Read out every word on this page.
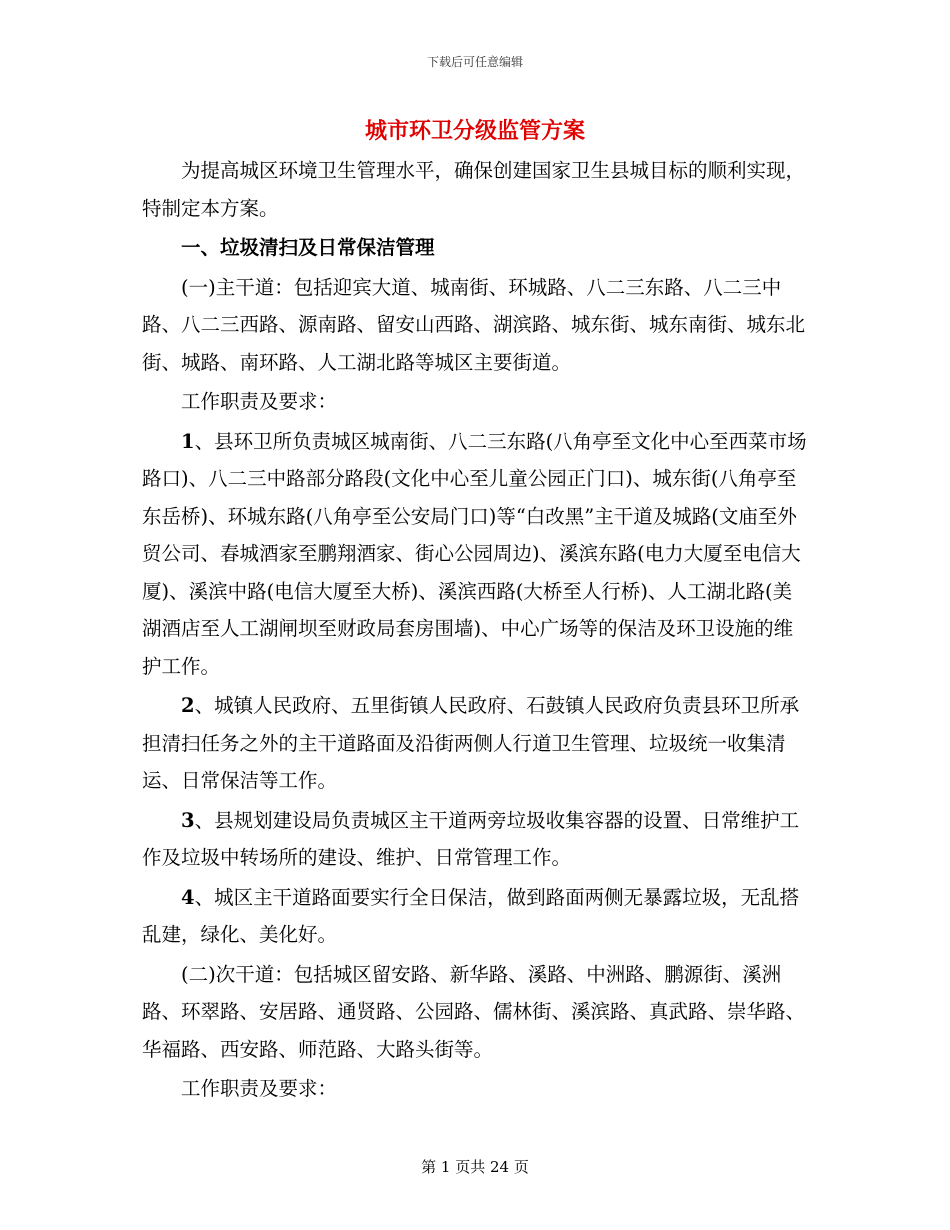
下载后可任意编辑
城市环卫分级监管方案

为提高城区环境卫生管理水平，确保创建国家卫生县城目标的顺利实现，特制定本方案。

一、垃圾清扫及日常保洁管理

(一)主干道：包括迎宾大道、城南街、环城路、八二三东路、八二三中路、八二三西路、源南路、留安山西路、湖滨路、城东街、城东南街、城东北街、城路、南环路、人工湖北路等城区主要街道。

工作职责及要求：

1、县环卫所负责城区城南街、八二三东路(八角亭至文化中心至西菜市场路口)、八二三中路部分路段(文化中心至儿童公园正门口)、城东街(八角亭至东岳桥)、环城东路(八角亭至公安局门口)等“白改黑”主干道及城路(文庙至外贸公司、春城酒家至鹏翔酒家、街心公园周边)、溪滨东路(电力大厦至电信大厦)、溪滨中路(电信大厦至大桥)、溪滨西路(大桥至人行桥)、人工湖北路(美湖酒店至人工湖闸坝至财政局套房围墙)、中心广场等的保洁及环卫设施的维护工作。

2、城镇人民政府、五里街镇人民政府、石鼓镇人民政府负责县环卫所承担清扫任务之外的主干道路面及沿街两侧人行道卫生管理、垃圾统一收集清运、日常保洁等工作。

3、县规划建设局负责城区主干道两旁垃圾收集容器的设置、日常维护工作及垃圾中转场所的建设、维护、日常管理工作。

4、城区主干道路面要实行全日保洁，做到路面两侧无暴露垃圾，无乱搭乱建，绿化、美化好。

(二)次干道：包括城区留安路、新华路、溪路、中洲路、鹏源街、溪洲路、环翠路、安居路、通贤路、公园路、儒林街、溪滨路、真武路、崇华路、华福路、西安路、师范路、大路头街等。

工作职责及要求：

第 1 页共 24 页
